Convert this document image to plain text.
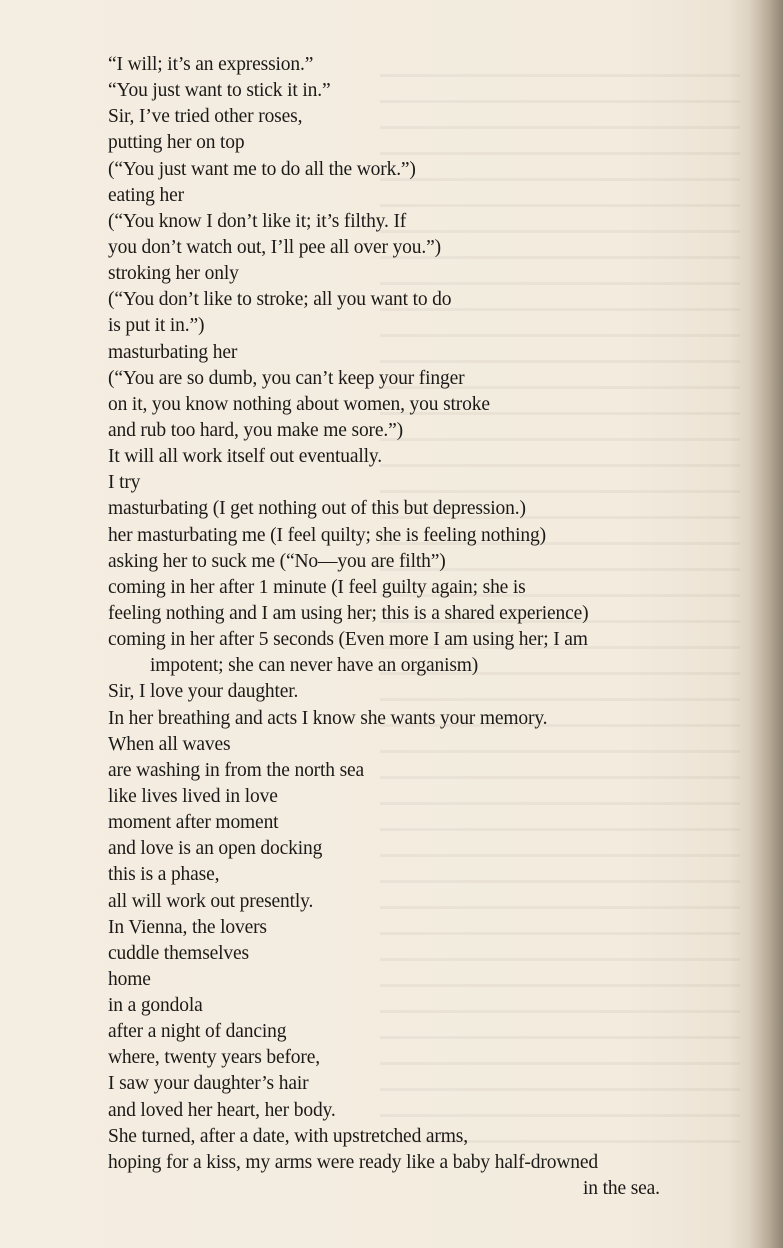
“I will; it’s an expression.”
“You just want to stick it in.”
Sir, I’ve tried other roses,
putting her on top
(“You just want me to do all the work.”)
eating her
(“You know I don’t like it; it’s filthy. If
you don’t watch out, I’ll pee all over you.”)
stroking her only
(“You don’t like to stroke; all you want to do
is put it in.”)
masturbating her
(“You are so dumb, you can’t keep your finger
on it, you know nothing about women, you stroke
and rub too hard, you make me sore.”)
It will all work itself out eventually.
I try
masturbating (I get nothing out of this but depression.)
her masturbating me (I feel quilty; she is feeling nothing)
asking her to suck me (“No—you are filth”)
coming in her after 1 minute (I feel guilty again; she is
feeling nothing and I am using her; this is a shared experience)
coming in her after 5 seconds (Even more I am using her; I am
impotent; she can never have an organism)
Sir, I love your daughter.
In her breathing and acts I know she wants your memory.
When all waves
are washing in from the north sea
like lives lived in love
moment after moment
and love is an open docking
this is a phase,
all will work out presently.
In Vienna, the lovers
cuddle themselves
home
in a gondola
after a night of dancing
where, twenty years before,
I saw your daughter’s hair
and loved her heart, her body.
She turned, after a date, with upstretched arms,
hoping for a kiss, my arms were ready like a baby half-drowned
in the sea.
